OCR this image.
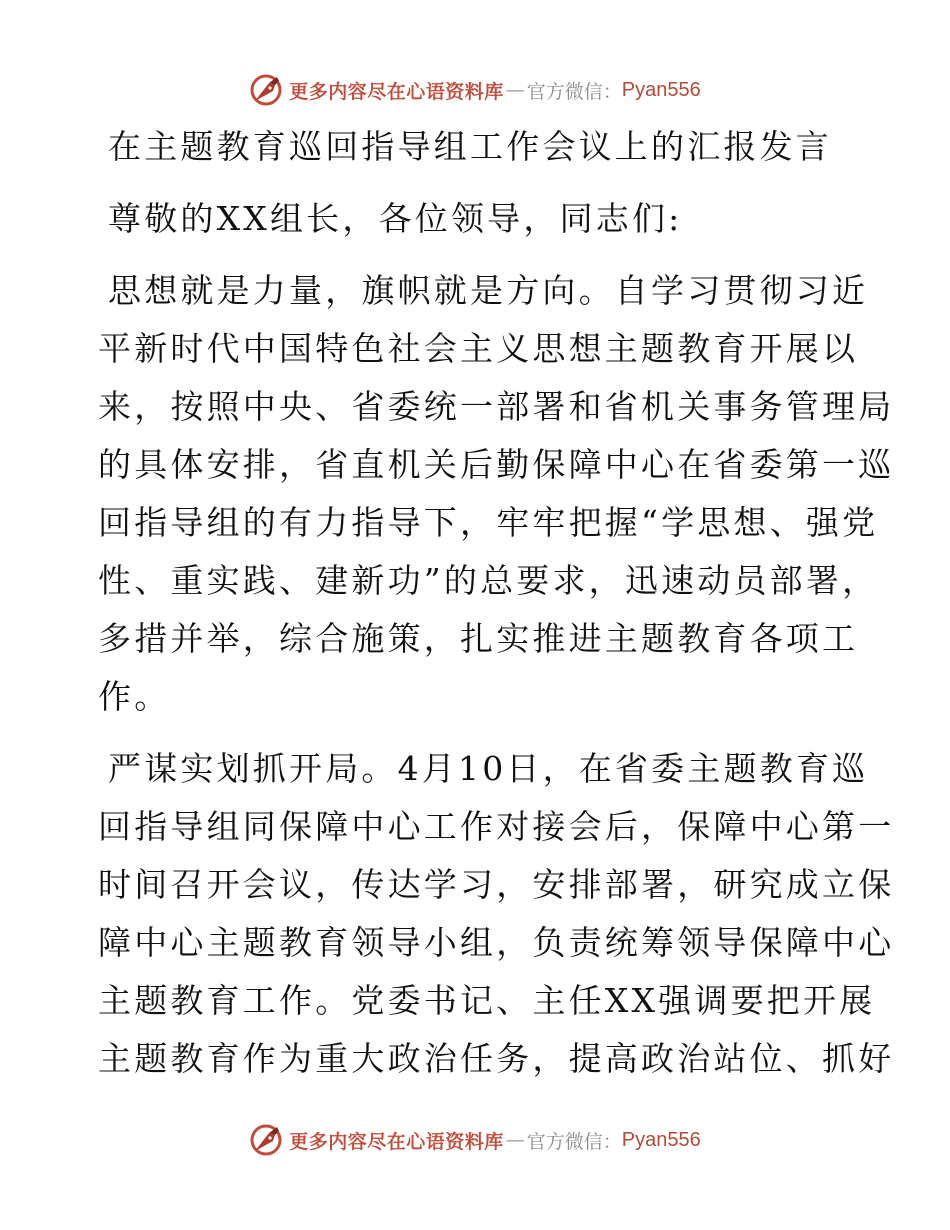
更多内容尽在心语资料库 — 官方微信： Pyan556
在主题教育巡回指导组工作会议上的汇报发言
尊敬的XX组长，各位领导，同志们:
思想就是力量，旗帜就是方向。自学习贯彻习近
平新时代中国特色社会主义思想主题教育开展以
来，按照中央、省委统一部署和省机关事务管理局
的具体安排，省直机关后勤保障中心在省委第一巡
回指导组的有力指导下，牢牢把握“学思想、强党
性、重实践、建新功”的总要求，迅速动员部署，
多措并举，综合施策，扎实推进主题教育各项工
作。
严谋实划抓开局。4月10日，在省委主题教育巡
回指导组同保障中心工作对接会后，保障中心第一
时间召开会议，传达学习，安排部署，研究成立保
障中心主题教育领导小组，负责统筹领导保障中心
主题教育工作。党委书记、主任XX强调要把开展
主题教育作为重大政治任务，提高政治站位、抓好
更多内容尽在心语资料库 — 官方微信： Pyan556
